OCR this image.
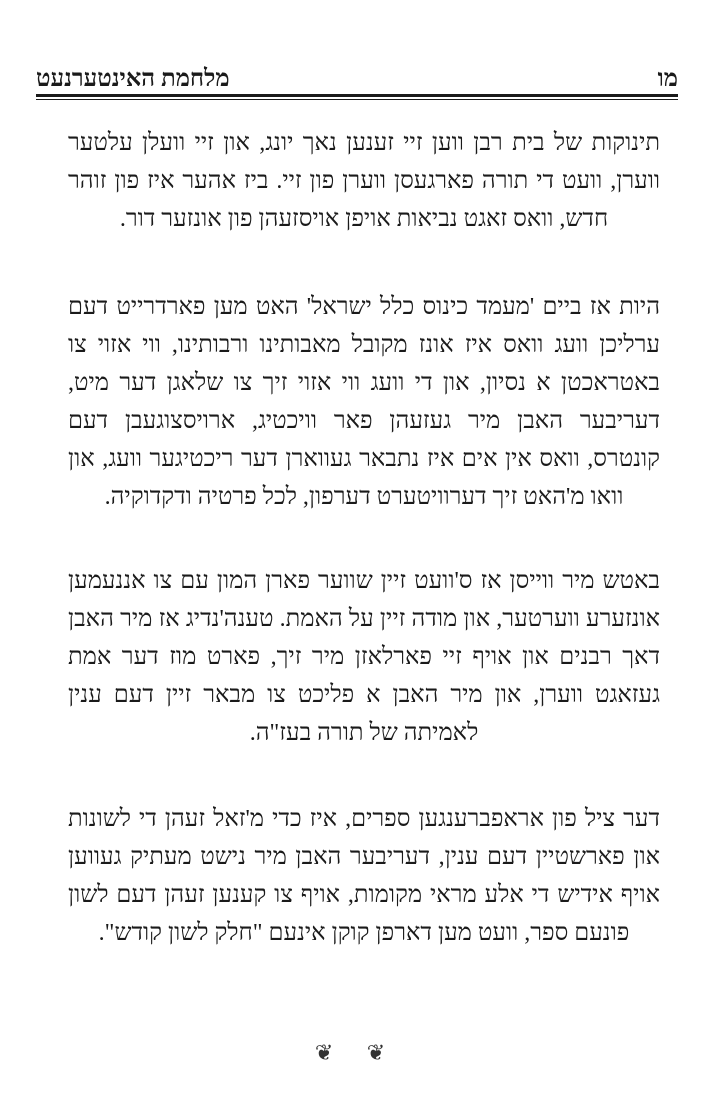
מו
מלחמת האינטערנעט

תינוקות של בית רבן ווען זיי זענען נאך יונג, און זיי וועלן עלטער ווערן, וועט די תורה פארגעסן ווערן פון זיי. ביז אהער איז פון זוהר חדש, וואס זאגט נביאות אויפן אויסזעהן פון אונזער דור.

היות אז ביים 'מעמד כינוס כלל ישראל' האט מען פארדרייט דעם ערליכן וועג וואס איז אונז מקובל מאבותינו ורבותינו, ווי אזוי צו באטראכטן א נסיון, און די וועג ווי אזוי זיך צו שלאגן דער מיט, דעריבער האבן מיר געזעהן פאר וויכטיג, ארויסצוגעבן דעם קונטרס, וואס אין אים איז נתבאר געווארן דער ריכטיגער וועג, און וואו מ'האט זיך דערוויטערט דערפון, לכל פרטיה ודקדוקיה.

באטש מיר ווייסן אז ס'וועט זיין שווער פארן המון עם צו אננעמען אונזערע ווערטער, און מודה זיין על האמת. טענה'נדיג אז מיר האבן דאך רבנים און אויף זיי פארלאזן מיר זיך, פארט מוז דער אמת געזאגט ווערן, און מיר האבן א פליכט צו מבאר זיין דעם ענין לאמיתה של תורה בעז"ה.

דער ציל פון אראפברענגען ספרים, איז כדי מ'זאל זעהן די לשונות און פארשטיין דעם ענין, דעריבער האבן מיר נישט מעתיק געווען אויף אידיש די אלע מראי מקומות, אויף צו קענען זעהן דעם לשון פונעם ספר, וועט מען דארפן קוקן אינעם "חלק לשון קודש".

❦ ❦
